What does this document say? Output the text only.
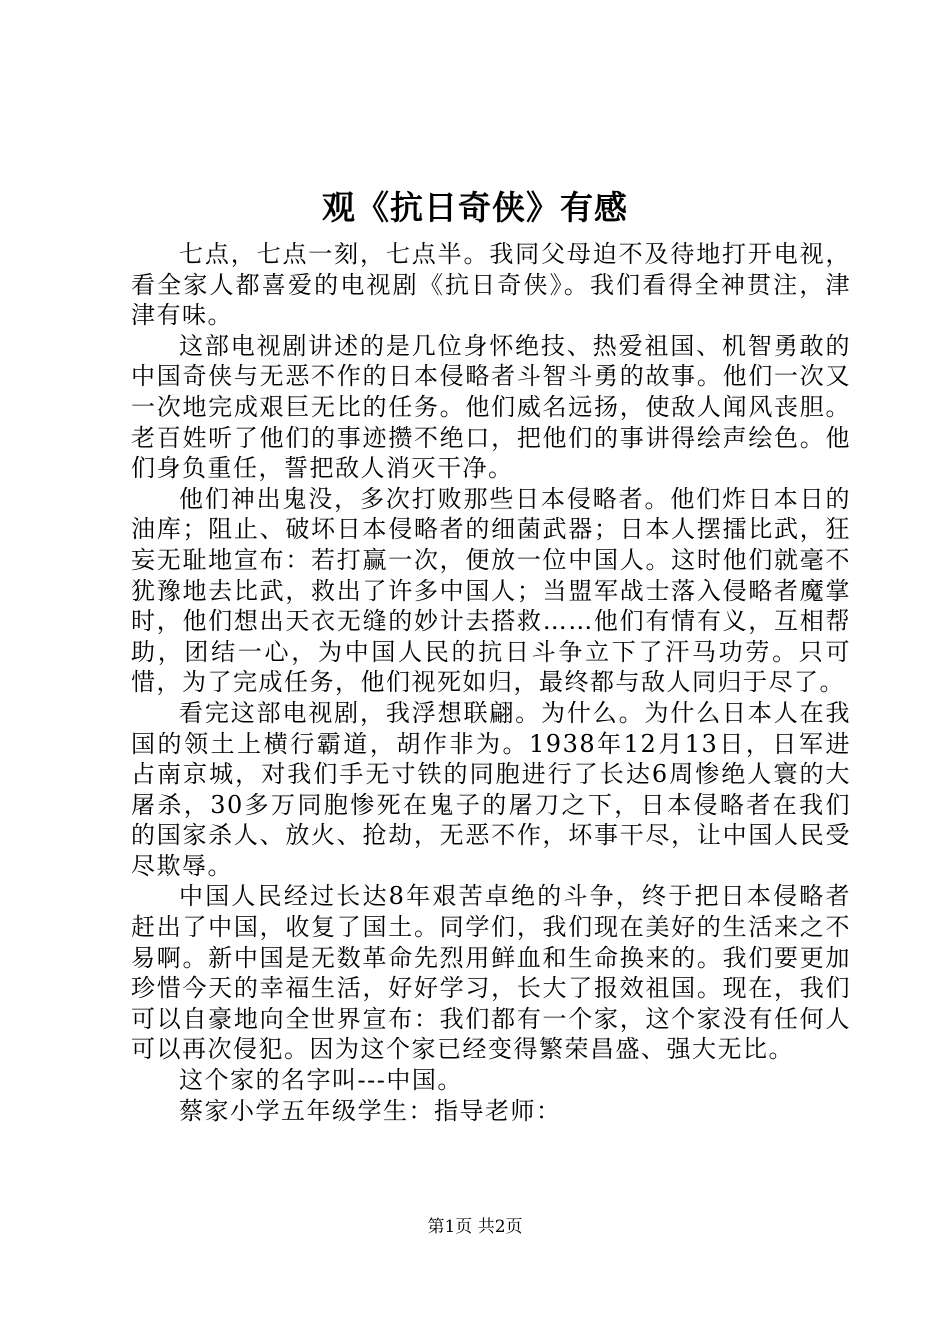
观《抗日奇侠》有感

七点，七点一刻，七点半。我同父母迫不及待地打开电视，看全家人都喜爱的电视剧《抗日奇侠》。我们看得全神贯注，津津有味。

这部电视剧讲述的是几位身怀绝技、热爱祖国、机智勇敢的中国奇侠与无恶不作的日本侵略者斗智斗勇的故事。他们一次又一次地完成艰巨无比的任务。他们威名远扬，使敌人闻风丧胆。老百姓听了他们的事迹攒不绝口，把他们的事讲得绘声绘色。他们身负重任，誓把敌人消灭干净。

他们神出鬼没，多次打败那些日本侵略者。他们炸日本日的油库；阻止、破坏日本侵略者的细菌武器；日本人摆擂比武，狂妄无耻地宣布：若打赢一次，便放一位中国人。这时他们就毫不犹豫地去比武，救出了许多中国人；当盟军战士落入侵略者魔掌时，他们想出天衣无缝的妙计去搭救……他们有情有义，互相帮助，团结一心，为中国人民的抗日斗争立下了汗马功劳。只可惜，为了完成任务，他们视死如归，最终都与敌人同归于尽了。

看完这部电视剧，我浮想联翩。为什么。为什么日本人在我国的领土上横行霸道，胡作非为。1938年12月13日，日军进占南京城，对我们手无寸铁的同胞进行了长达6周惨绝人寰的大屠杀，30多万同胞惨死在鬼子的屠刀之下，日本侵略者在我们的国家杀人、放火、抢劫，无恶不作，坏事干尽，让中国人民受尽欺辱。

中国人民经过长达8年艰苦卓绝的斗争，终于把日本侵略者赶出了中国，收复了国土。同学们，我们现在美好的生活来之不易啊。新中国是无数革命先烈用鲜血和生命换来的。我们要更加珍惜今天的幸福生活，好好学习，长大了报效祖国。现在，我们可以自豪地向全世界宣布：我们都有一个家，这个家没有任何人可以再次侵犯。因为这个家已经变得繁荣昌盛、强大无比。

这个家的名字叫---中国。

蔡家小学五年级学生：指导老师：

第1页 共2页
